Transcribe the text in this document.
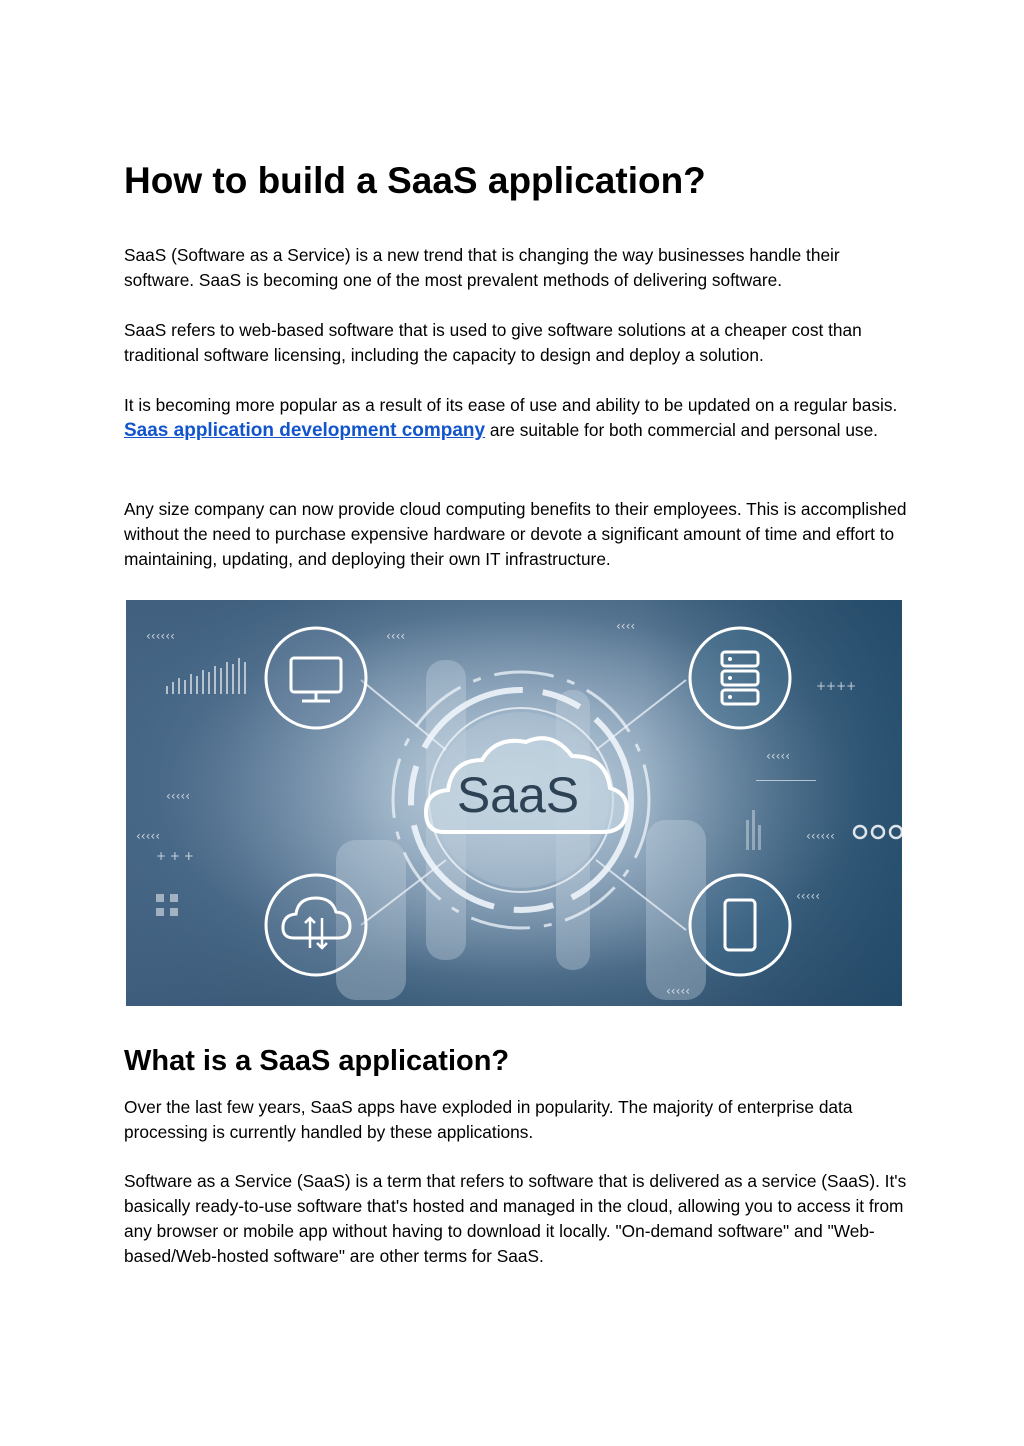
How to build a SaaS application?

SaaS (Software as a Service) is a new trend that is changing the way businesses handle their software. SaaS is becoming one of the most prevalent methods of delivering software.

SaaS refers to web-based software that is used to give software solutions at a cheaper cost than traditional software licensing, including the capacity to design and deploy a solution.

It is becoming more popular as a result of its ease of use and ability to be updated on a regular basis. Saas application development company are suitable for both commercial and personal use.

Any size company can now provide cloud computing benefits to their employees. This is accomplished without the need to purchase expensive hardware or devote a significant amount of time and effort to maintaining, updating, and deploying their own IT infrastructure.

What is a SaaS application?

Over the last few years, SaaS apps have exploded in popularity. The majority of enterprise data processing is currently handled by these applications.

Software as a Service (SaaS) is a term that refers to software that is delivered as a service (SaaS). It's basically ready-to-use software that's hosted and managed in the cloud, allowing you to access it from any browser or mobile app without having to download it locally. "On-demand software" and "Web-based/Web-hosted software" are other terms for SaaS.

SaaS
‹‹‹‹‹‹	‹‹‹‹
‹‹‹‹
‹‹‹‹‹
‹‹‹‹‹
‹‹‹‹‹
‹‹‹‹‹‹
‹‹‹‹‹
‹‹‹‹‹
+ + +
++++
